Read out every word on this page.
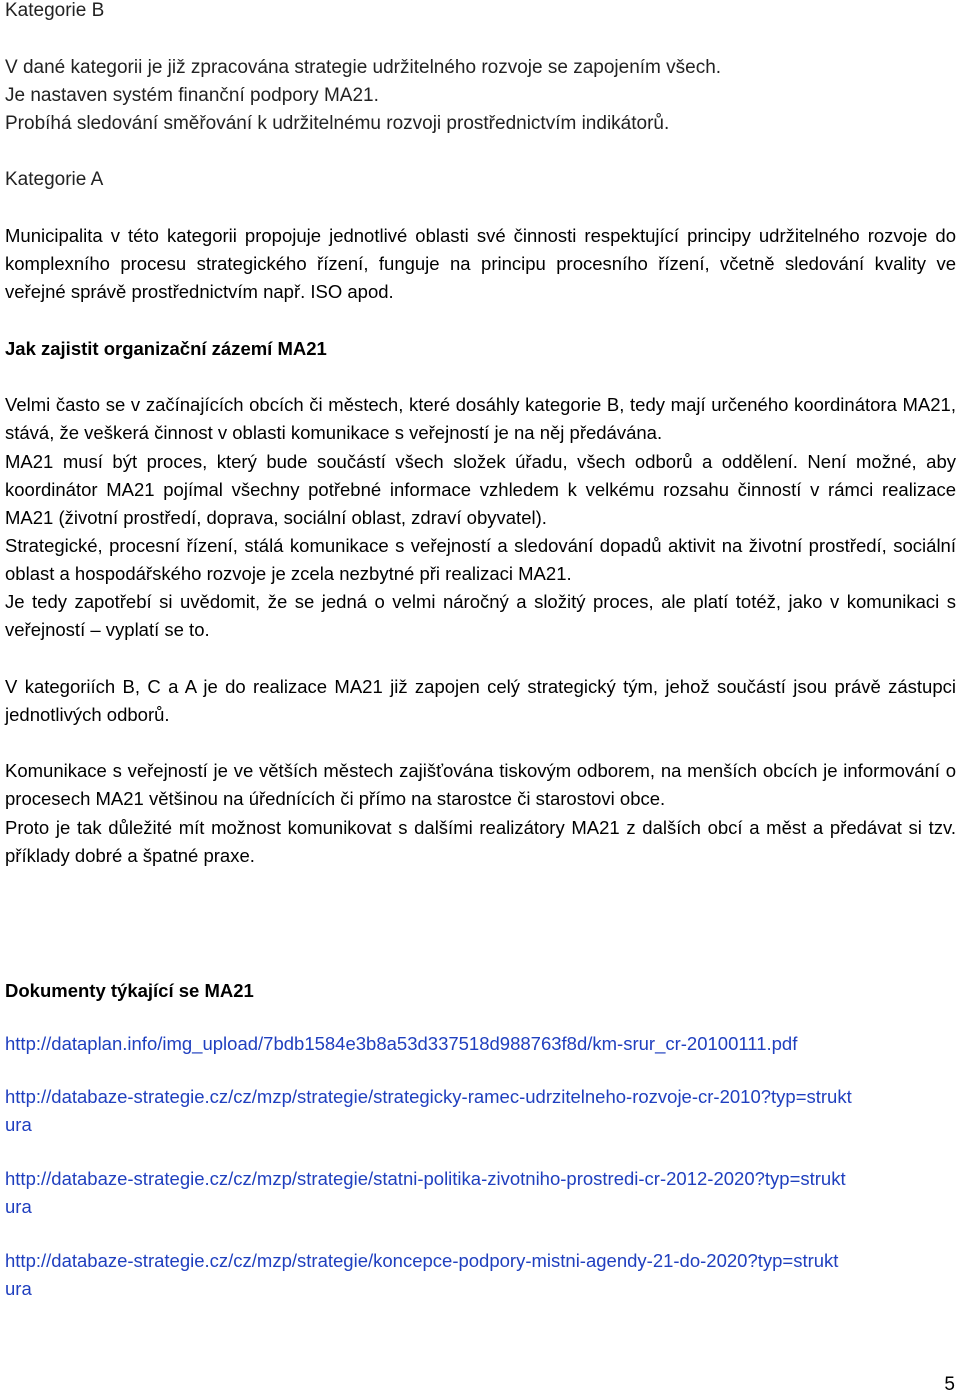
Kategorie B
V dané kategorii je již zpracována strategie udržitelného rozvoje se zapojením všech.
Je nastaven systém finanční podpory MA21.
Probíhá sledování směřování k udržitelnému rozvoji prostřednictvím indikátorů.
Kategorie A

Municipalita v této kategorii propojuje jednotlivé oblasti své činnosti respektující principy udržitelného rozvoje do komplexního procesu strategického řízení, funguje na principu procesního řízení, včetně sledování kvality ve veřejné správě prostřednictvím např. ISO apod.

Jak zajistit organizační zázemí MA21

Velmi často se v začínajících obcích či městech, které dosáhly kategorie B, tedy mají určeného koordinátora MA21, stává, že veškerá činnost v oblasti komunikace s veřejností je na něj předávána.

MA21 musí být proces, který bude součástí všech složek úřadu, všech odborů a oddělení. Není možné, aby koordinátor MA21 pojímal všechny potřebné informace vzhledem k velkému rozsahu činností v rámci realizace MA21 (životní prostředí, doprava, sociální oblast, zdraví obyvatel).

Strategické, procesní řízení, stálá komunikace s veřejností a sledování dopadů aktivit na životní prostředí, sociální oblast a hospodářského rozvoje je zcela nezbytné při realizaci MA21.

Je tedy zapotřebí si uvědomit, že se jedná o velmi náročný a složitý proces, ale platí totéž, jako v komunikaci s veřejností – vyplatí se to.

V kategoriích B, C a A je do realizace MA21 již zapojen celý strategický tým, jehož součástí jsou právě zástupci jednotlivých odborů.

Komunikace s veřejností je ve větších městech zajišťována tiskovým odborem, na menších obcích je informování o procesech MA21 většinou na úřednících či přímo na starostce či starostovi obce.

Proto je tak důležité mít možnost komunikovat s dalšími realizátory MA21 z dalších obcí a měst a předávat si tzv. příklady dobré a špatné praxe.

Dokumenty týkající se MA21
http://dataplan.info/img_upload/7bdb1584e3b8a53d337518d988763f8d/km-srur_cr-20100111.pdf
http://databaze-strategie.cz/cz/mzp/strategie/strategicky-ramec-udrzitelneho-rozvoje-cr-2010?typ=struktura
http://databaze-strategie.cz/cz/mzp/strategie/statni-politika-zivotniho-prostredi-cr-2012-2020?typ=struktura
http://databaze-strategie.cz/cz/mzp/strategie/koncepce-podpory-mistni-agendy-21-do-2020?typ=struktura
5
